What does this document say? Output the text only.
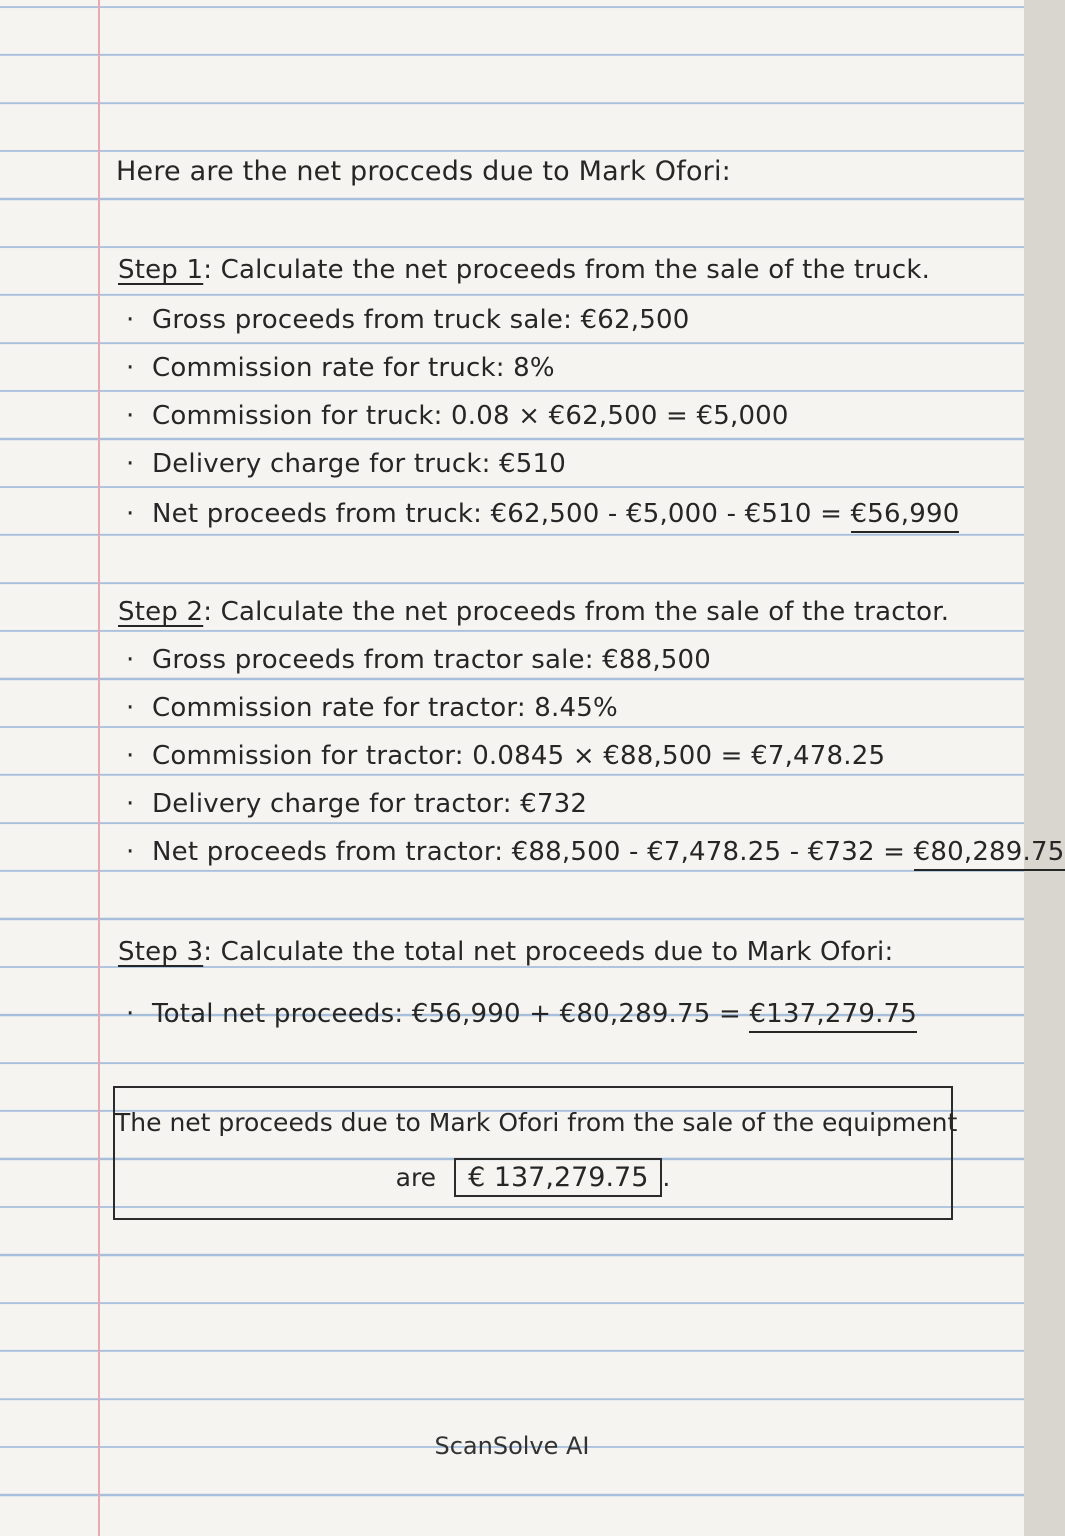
Here are the net procceds due to Mark Ofori:
Step 1: Calculate the net proceeds from the sale of the truck.
· Gross proceeds from truck sale: €62,500
· Commission rate for truck: 8%
· Commission for truck: 0.08 × €62,500 = €5,000
· Delivery charge for truck: €510
· Net proceeds from truck: €62,500 - €5,000 - €510 = €56,990
Step 2: Calculate the net proceeds from the sale of the tractor.
· Gross proceeds from tractor sale: €88,500
· Commission rate for tractor: 8.45%
· Commission for tractor: 0.0845 × €88,500 = €7,478.25
· Delivery charge for tractor: €732
· Net proceeds from tractor: €88,500 - €7,478.25 - €732 = €80,289.75
Step 3: Calculate the total net proceeds due to Mark Ofori:
· Total net proceeds: €56,990 + €80,289.75 = €137,279.75
The net proceeds due to Mark Ofori from the sale of the equipment
are € 137,279.75 .
ScanSolve AI
